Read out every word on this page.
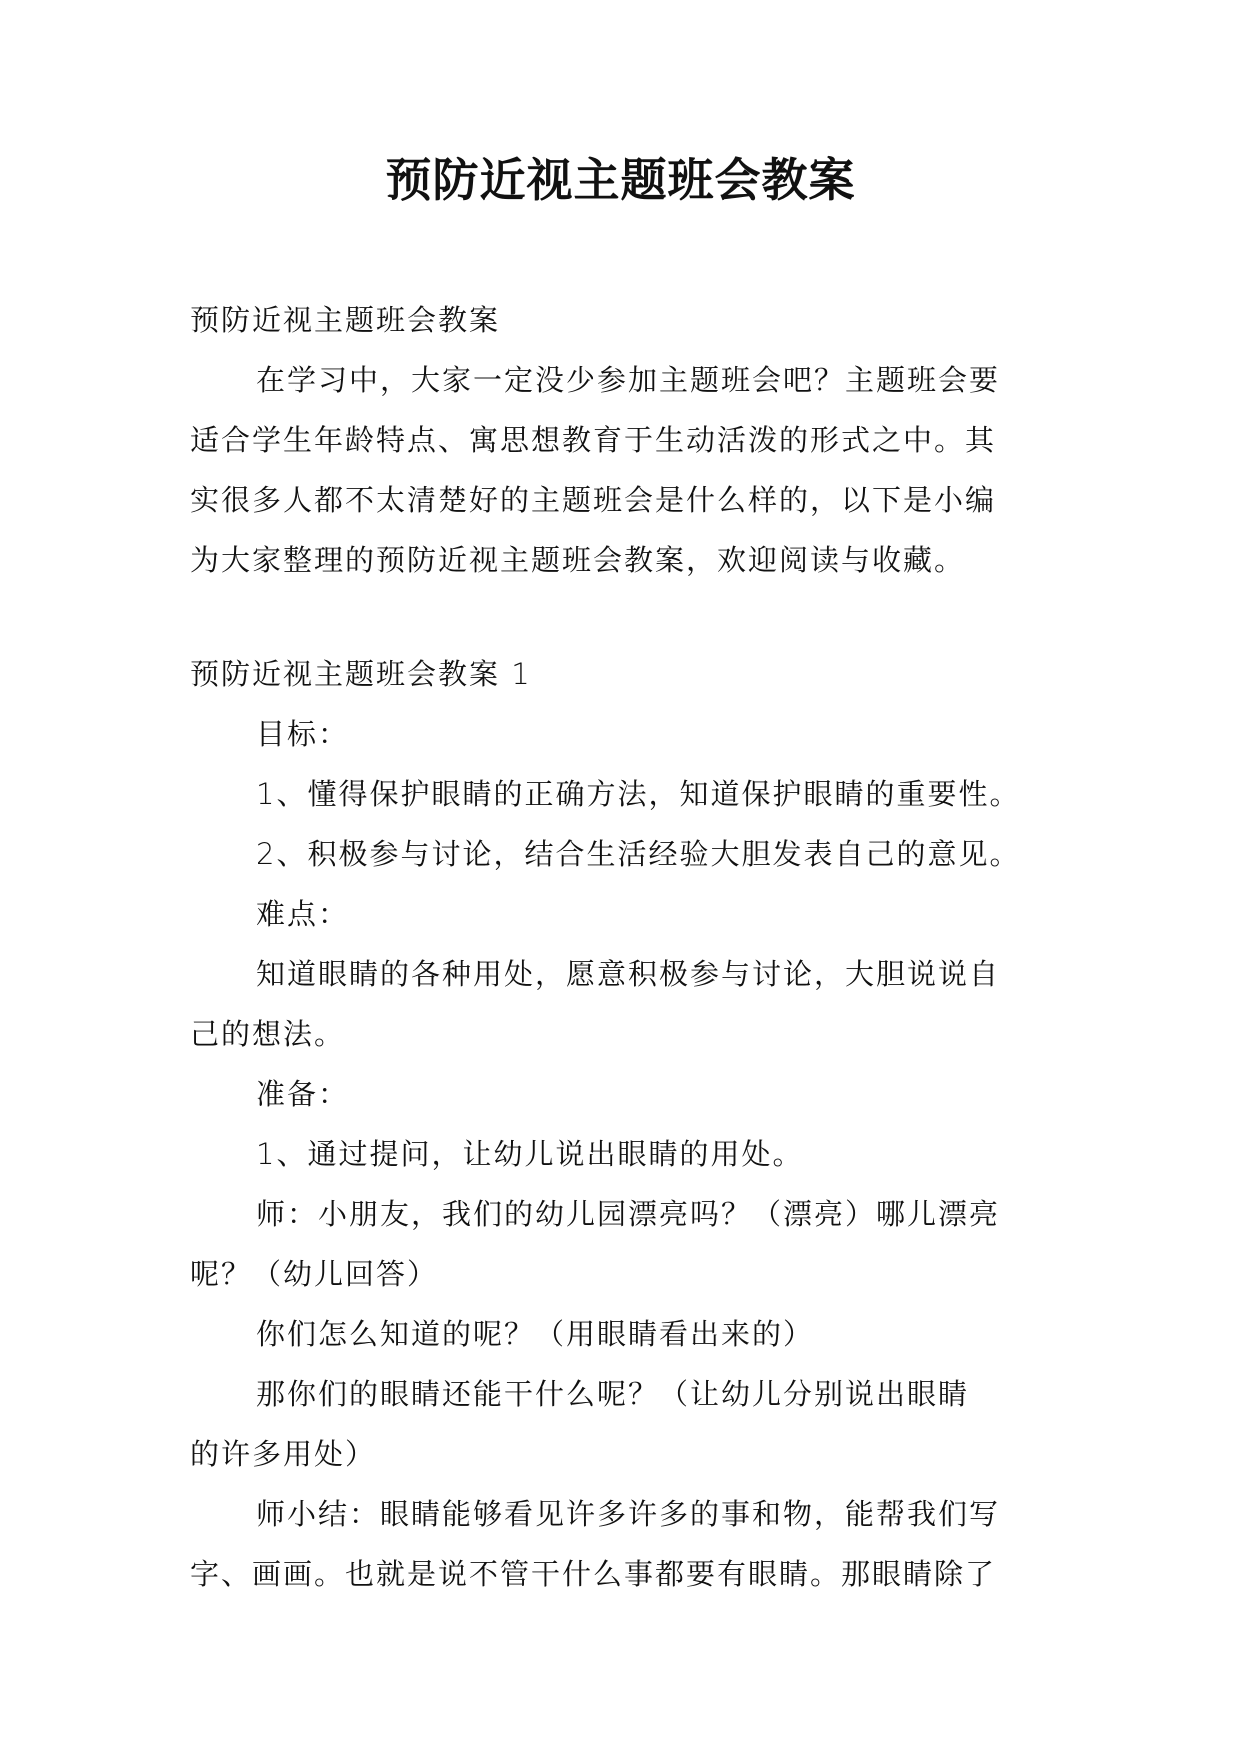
预防近视主题班会教案

预防近视主题班会教案

在学习中，大家一定没少参加主题班会吧？主题班会要
适合学生年龄特点、寓思想教育于生动活泼的形式之中。其
实很多人都不太清楚好的主题班会是什么样的，以下是小编
为大家整理的预防近视主题班会教案，欢迎阅读与收藏。

预防近视主题班会教案 1

目标：

1、懂得保护眼睛的正确方法，知道保护眼睛的重要性。

2、积极参与讨论，结合生活经验大胆发表自己的意见。

难点：

知道眼睛的各种用处，愿意积极参与讨论，大胆说说自
己的想法。

准备：

1、通过提问，让幼儿说出眼睛的用处。

师：小朋友，我们的幼儿园漂亮吗？（漂亮）哪儿漂亮
呢？（幼儿回答）

你们怎么知道的呢？（用眼睛看出来的）

那你们的眼睛还能干什么呢？（让幼儿分别说出眼睛
的许多用处）

师小结：眼睛能够看见许多许多的事和物，能帮我们写
字、画画。也就是说不管干什么事都要有眼睛。那眼睛除了
